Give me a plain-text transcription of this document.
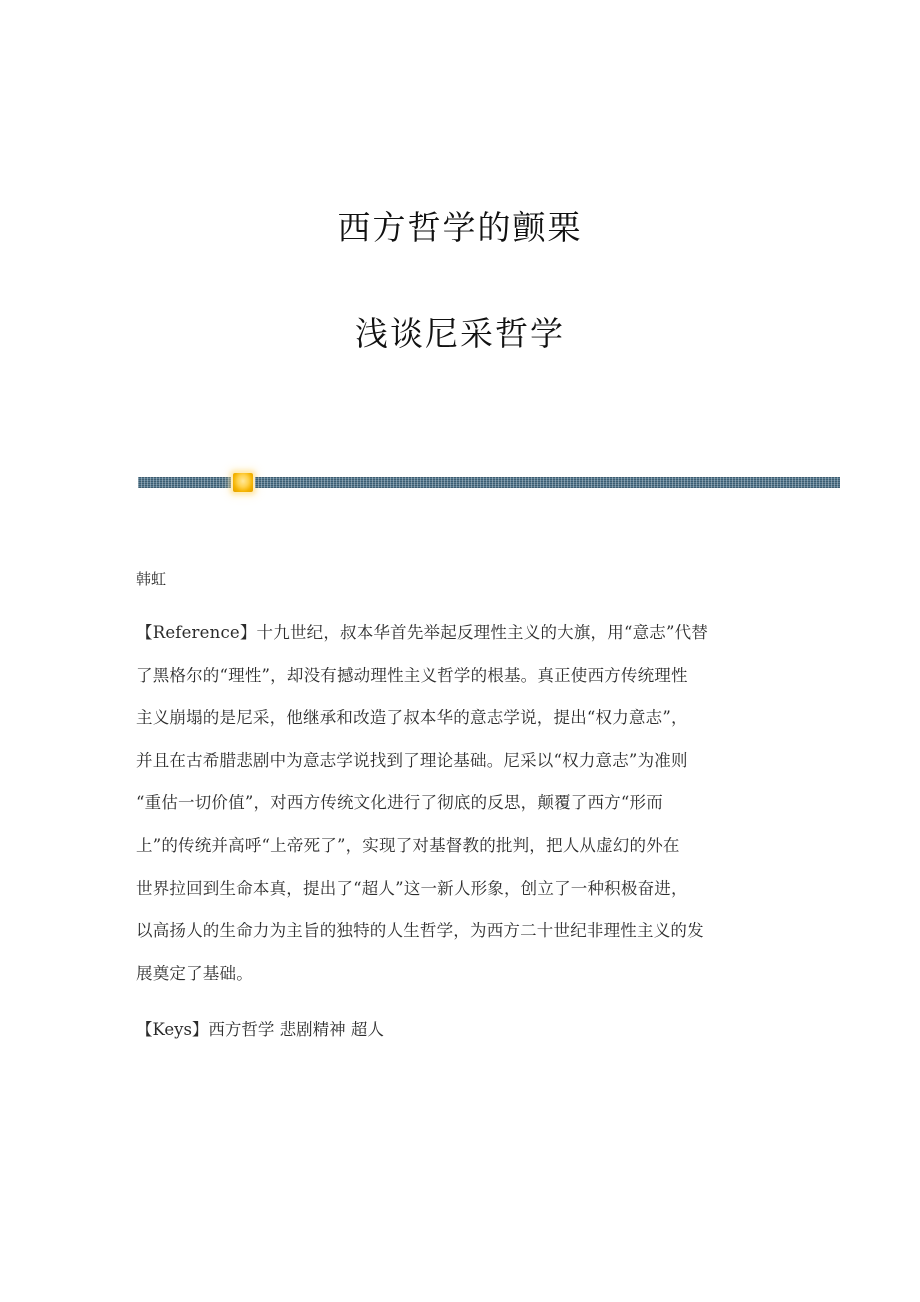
西方哲学的颤栗
浅谈尼采哲学

韩虹

【Reference】十九世纪，叔本华首先举起反理性主义的大旗，用“意志”代替
了黑格尔的“理性”，却没有撼动理性主义哲学的根基。真正使西方传统理性
主义崩塌的是尼采，他继承和改造了叔本华的意志学说，提出“权力意志”，
并且在古希腊悲剧中为意志学说找到了理论基础。尼采以“权力意志”为准则
“重估一切价值”，对西方传统文化进行了彻底的反思，颠覆了西方“形而
上”的传统并高呼“上帝死了”，实现了对基督教的批判，把人从虚幻的外在
世界拉回到生命本真，提出了“超人”这一新人形象，创立了一种积极奋进，
以高扬人的生命力为主旨的独特的人生哲学，为西方二十世纪非理性主义的发
展奠定了基础。

【Keys】西方哲学 悲剧精神 超人
